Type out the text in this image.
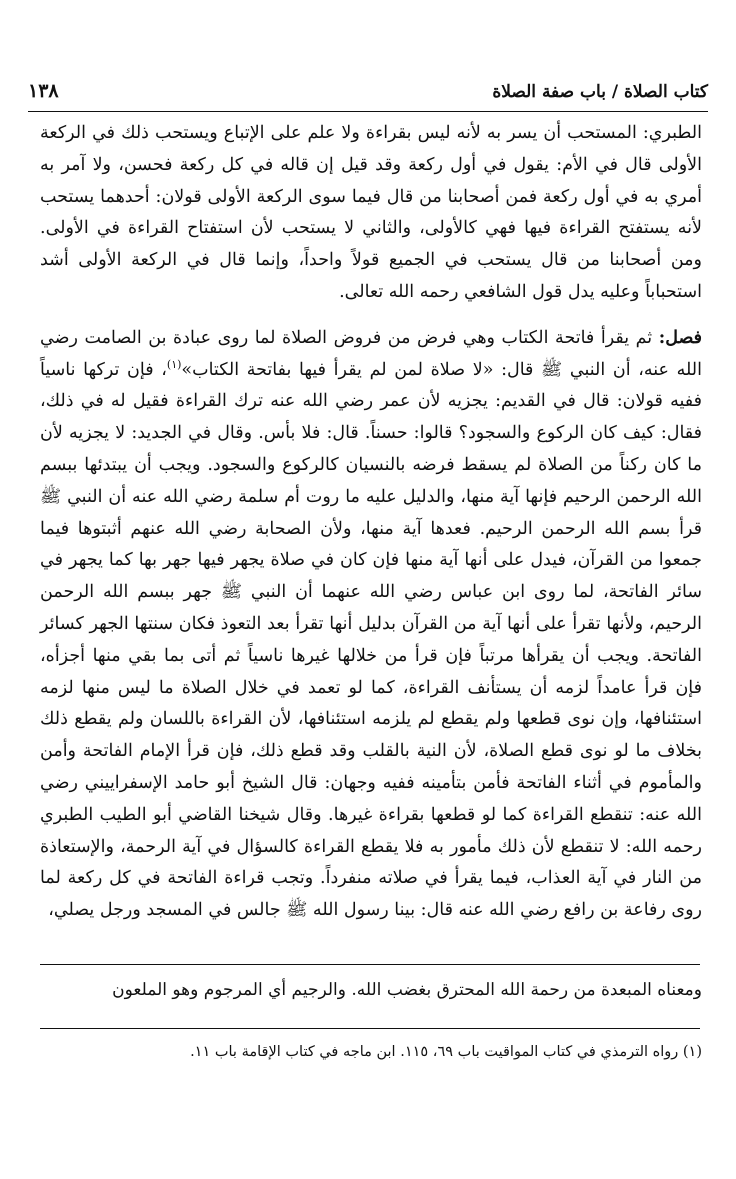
كتاب الصلاة / باب صفة الصلاة
١٣٨

الطبري: المستحب أن يسر به لأنه ليس بقراءة ولا علم على الإتباع ويستحب ذلك في الركعة الأولى قال في الأم: يقول في أول ركعة وقد قيل إن قاله في كل ركعة فحسن، ولا آمر به أمري به في أول ركعة فمن أصحابنا من قال فيما سوى الركعة الأولى قولان: أحدهما يستحب لأنه يستفتح القراءة فيها فهي كالأولى، والثاني لا يستحب لأن استفتاح القراءة في الأولى. ومن أصحابنا من قال يستحب في الجميع قولاً واحداً، وإنما قال في الركعة الأولى أشد استحباباً وعليه يدل قول الشافعي رحمه الله تعالى.

فصل: ثم يقرأ فاتحة الكتاب وهي فرض من فروض الصلاة لما روى عبادة بن الصامت رضي الله عنه، أن النبي ﷺ قال: «لا صلاة لمن لم يقرأ فيها بفاتحة الكتاب»$^{(١)}$، فإن تركها ناسياً ففيه قولان: قال في القديم: يجزيه لأن عمر رضي الله عنه ترك القراءة فقيل له في ذلك، فقال: كيف كان الركوع والسجود؟ قالوا: حسناً. قال: فلا بأس. وقال في الجديد: لا يجزيه لأن ما كان ركناً من الصلاة لم يسقط فرضه بالنسيان كالركوع والسجود. ويجب أن يبتدئها ببسم الله الرحمن الرحيم فإنها آية منها، والدليل عليه ما روت أم سلمة رضي الله عنه أن النبي ﷺ قرأ بسم الله الرحمن الرحيم. فعدها آية منها، ولأن الصحابة رضي الله عنهم أثبتوها فيما جمعوا من القرآن، فيدل على أنها آية منها فإن كان في صلاة يجهر فيها جهر بها كما يجهر في سائر الفاتحة، لما روى ابن عباس رضي الله عنهما أن النبي ﷺ جهر ببسم الله الرحمن الرحيم، ولأنها تقرأ على أنها آية من القرآن بدليل أنها تقرأ بعد التعوذ فكان سنتها الجهر كسائر الفاتحة. ويجب أن يقرأها مرتباً فإن قرأ من خلالها غيرها ناسياً ثم أتى بما بقي منها أجزأه، فإن قرأ عامداً لزمه أن يستأنف القراءة، كما لو تعمد في خلال الصلاة ما ليس منها لزمه استئنافها، وإن نوى قطعها ولم يقطع لم يلزمه استئنافها، لأن القراءة باللسان ولم يقطع ذلك بخلاف ما لو نوى قطع الصلاة، لأن النية بالقلب وقد قطع ذلك، فإن قرأ الإمام الفاتحة وأمن والمأموم في أثناء الفاتحة فأمن بتأمينه ففيه وجهان: قال الشيخ أبو حامد الإسفراييني رضي الله عنه: تنقطع القراءة كما لو قطعها بقراءة غيرها. وقال شيخنا القاضي أبو الطيب الطبري رحمه الله: لا تنقطع لأن ذلك مأمور به فلا يقطع القراءة كالسؤال في آية الرحمة، والإستعاذة من النار في آية العذاب، فيما يقرأ في صلاته منفرداً. وتجب قراءة الفاتحة في كل ركعة لما روى رفاعة بن رافع رضي الله عنه قال: بينا رسول الله ﷺ جالس في المسجد ورجل يصلي،

ومعناه المبعدة من رحمة الله المحترق بغضب الله. والرجيم أي المرجوم وهو الملعون
(١) رواه الترمذي في كتاب المواقيت باب ٦٩، ١١٥. ابن ماجه في كتاب الإقامة باب ١١.
